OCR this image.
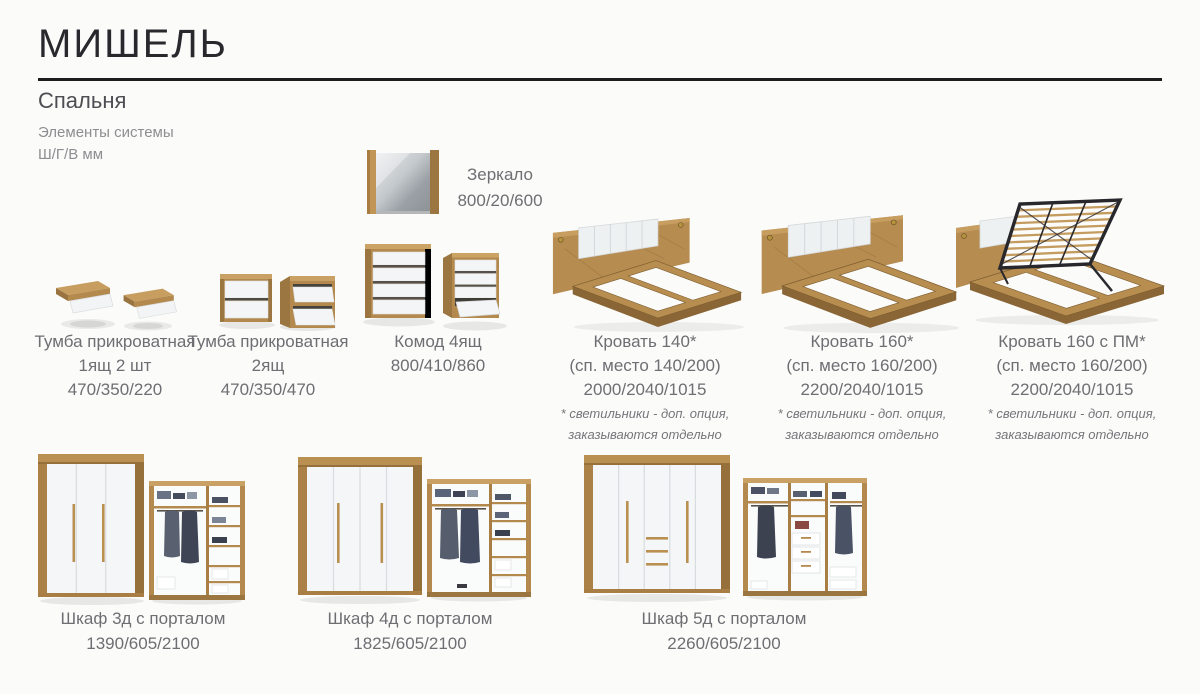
МИШЕЛЬ
Спальня
Элементы системы
Ш/Г/В мм
Зеркало
800/20/600
Тумба прикроватная
1ящ 2 шт
470/350/220
Тумба прикроватная
2ящ
470/350/470
Комод 4ящ
800/410/860
Кровать 140*
(сп. место 140/200)
2000/2040/1015
* светильники - доп. опция,
заказываются отдельно
Кровать 160*
(сп. место 160/200)
2200/2040/1015
* светильники - доп. опция,
заказываются отдельно
Кровать 160 с ПМ*
(сп. место 160/200)
2200/2040/1015
* светильники - доп. опция,
заказываются отдельно
Шкаф 3д с порталом
1390/605/2100
Шкаф 4д с порталом
1825/605/2100
Шкаф 5д с порталом
2260/605/2100
